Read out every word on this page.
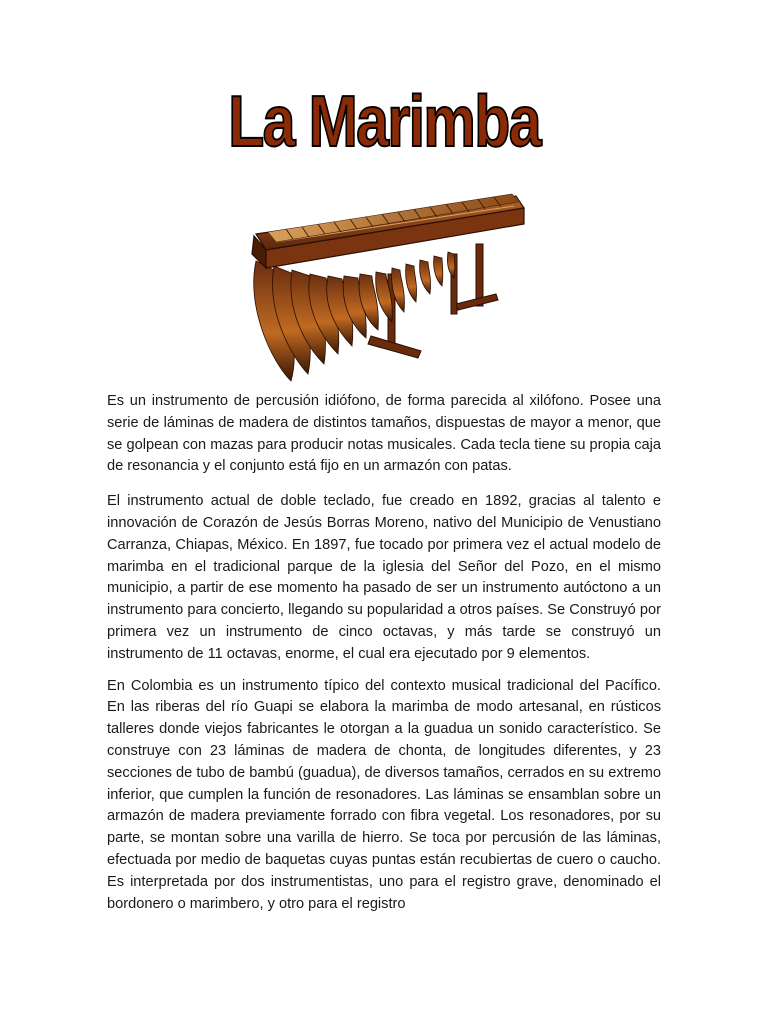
La Marimba

Es un instrumento de percusión idiófono, de forma parecida al xilófono. Posee una serie de láminas de madera de distintos tamaños, dispuestas de mayor a menor, que se golpean con mazas para producir notas musicales. Cada tecla tiene su propia caja de resonancia y el conjunto está fijo en un armazón con patas.

El instrumento actual de doble teclado, fue creado en 1892, gracias al talento e innovación de Corazón de Jesús Borras Moreno, nativo del Municipio de Venustiano Carranza, Chiapas, México. En 1897, fue tocado por primera vez el actual modelo de marimba en el tradicional parque de la iglesia del Señor del Pozo, en el mismo municipio, a partir de ese momento ha pasado de ser un instrumento autóctono a un instrumento para concierto, llegando su popularidad a otros países. Se Construyó por primera vez un instrumento de cinco octavas, y más tarde se construyó un instrumento de 11 octavas, enorme, el cual era ejecutado por 9 elementos.

En Colombia es un instrumento típico del contexto musical tradicional del Pacífico. En las riberas del río Guapi se elabora la marimba de modo artesanal, en rústicos talleres donde viejos fabricantes le otorgan a la guadua un sonido característico. Se construye con 23 láminas de madera de chonta, de longitudes diferentes, y 23 secciones de tubo de bambú (guadua), de diversos tamaños, cerrados en su extremo inferior, que cumplen la función de resonadores. Las láminas se ensamblan sobre un armazón de madera previamente forrado con fibra vegetal. Los resonadores, por su parte, se montan sobre una varilla de hierro. Se toca por percusión de las láminas, efectuada por medio de baquetas cuyas puntas están recubiertas de cuero o caucho. Es interpretada por dos instrumentistas, uno para el registro grave, denominado el bordonero o marimbero, y otro para el registro
